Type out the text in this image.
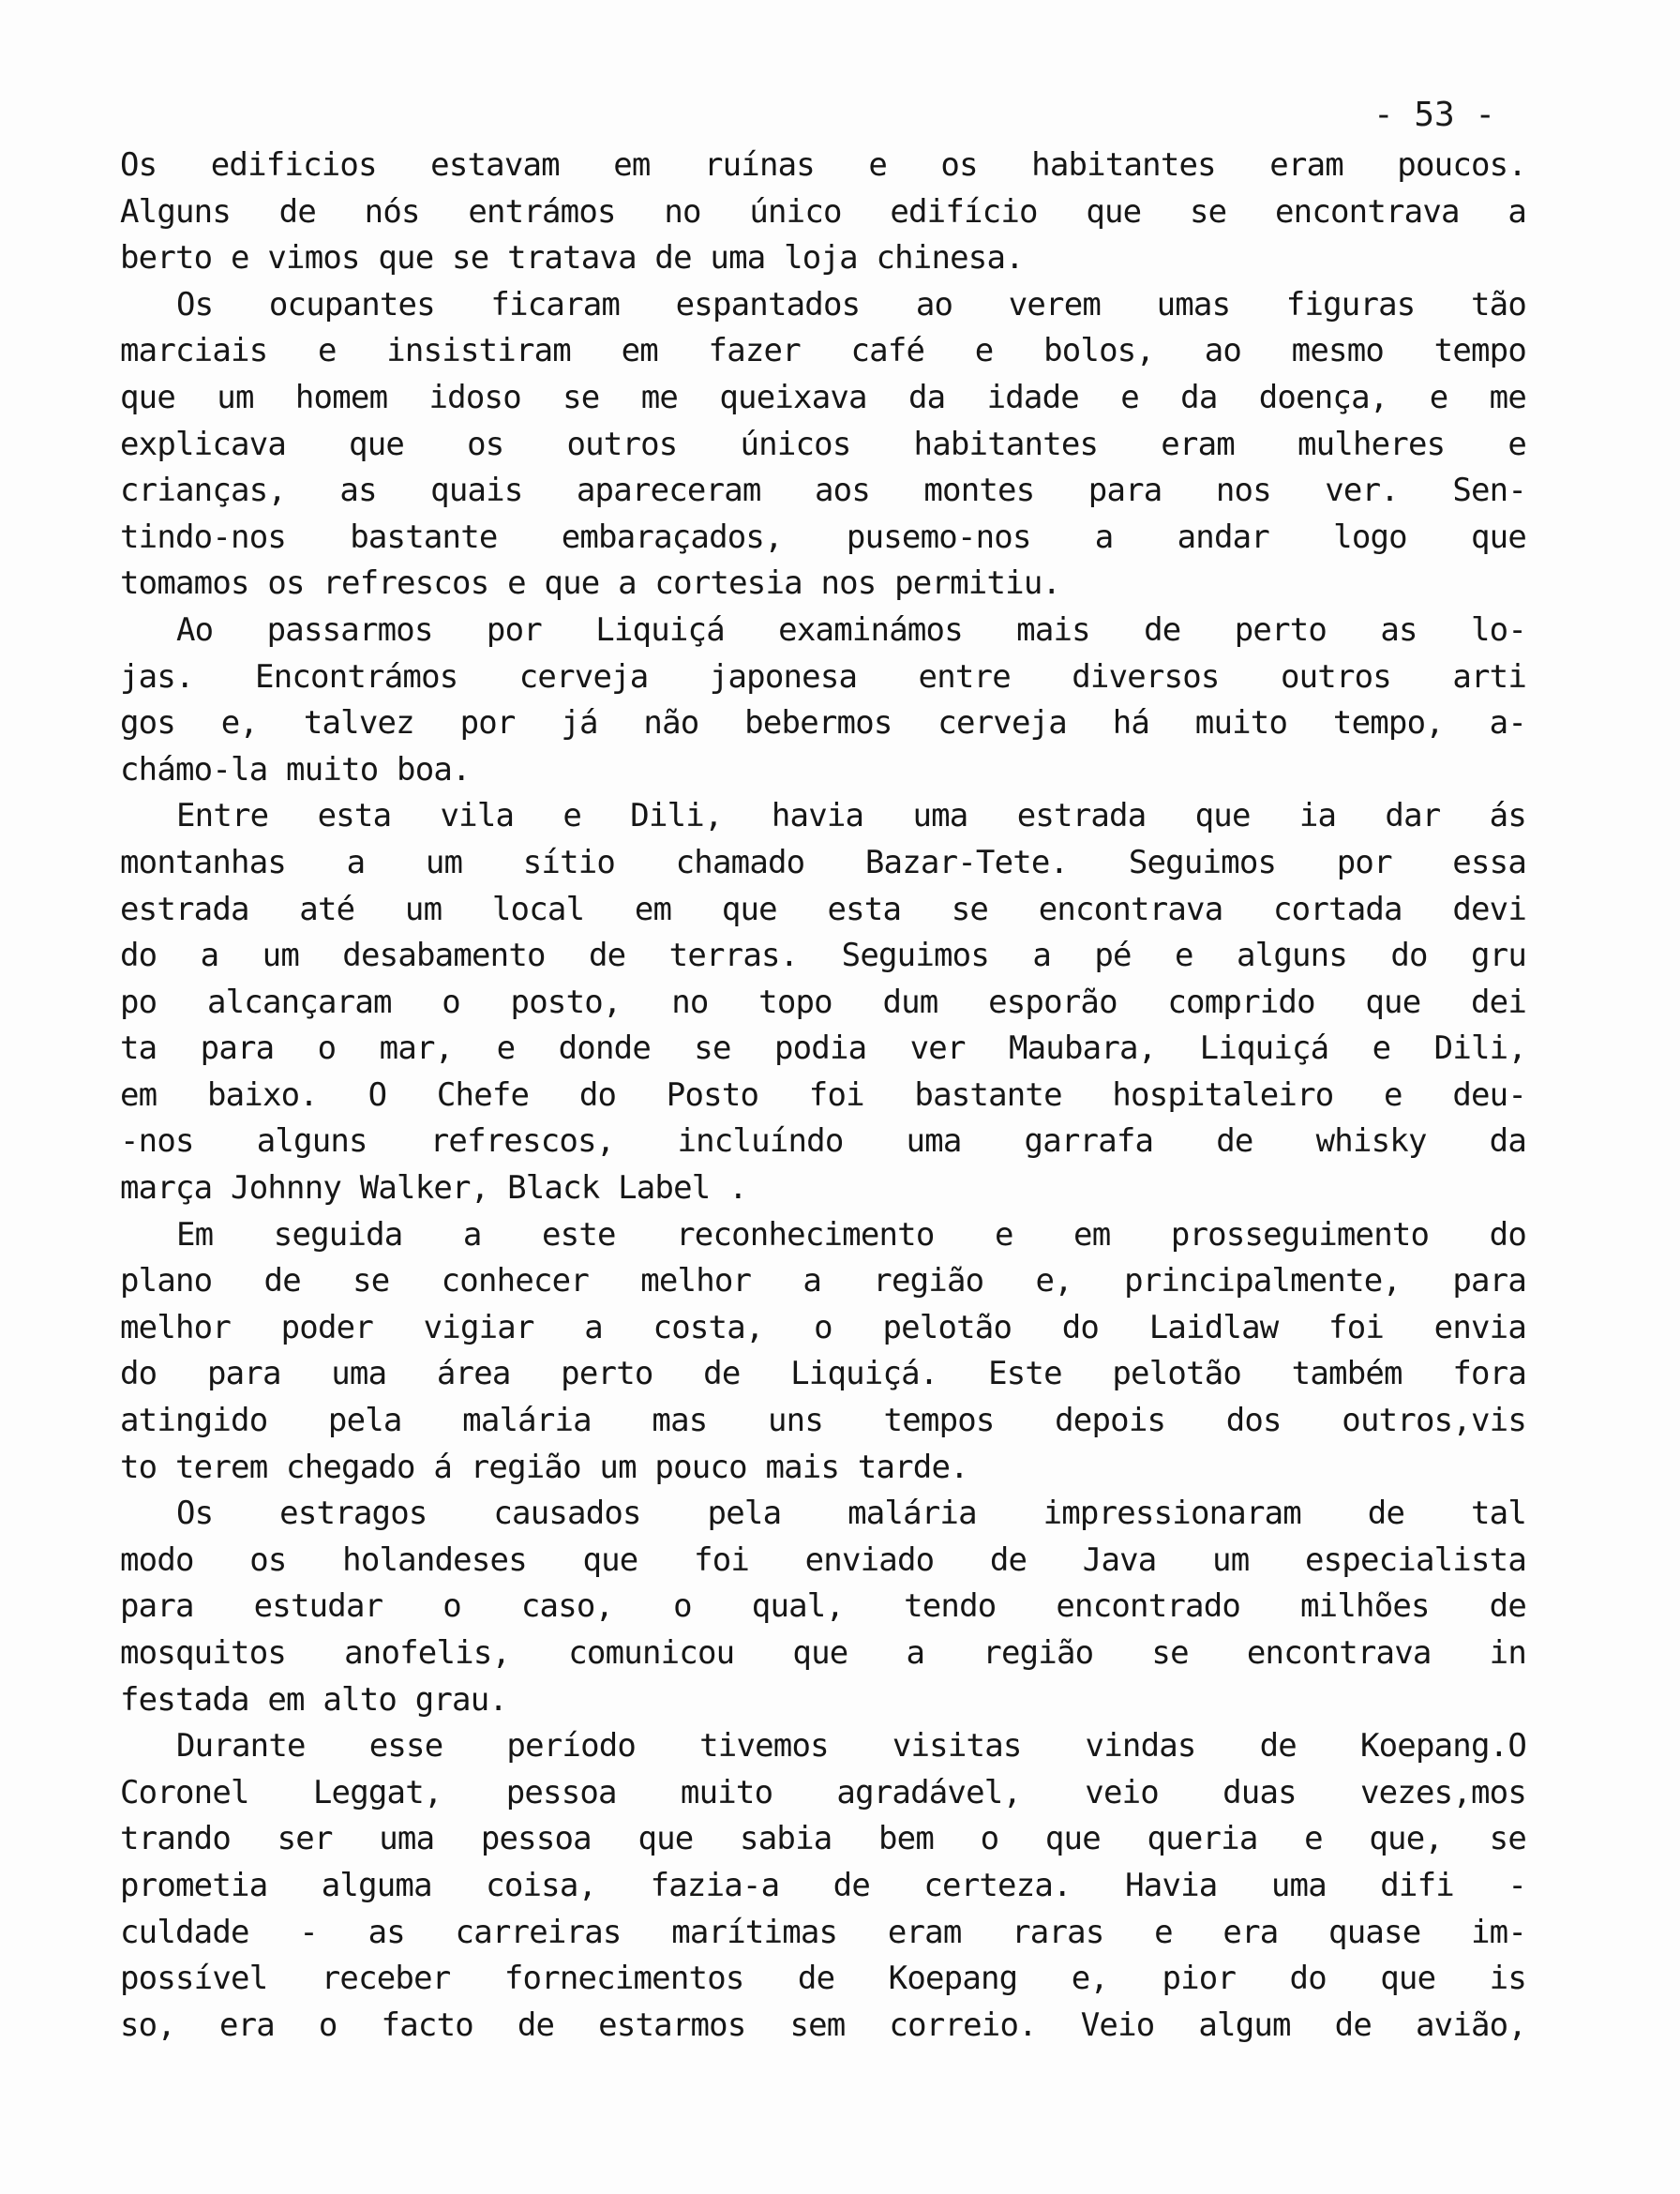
- 53 -
Os edificios estavam em ruínas e os habitantes eram poucos.
Alguns de nós entrámos no único edifício que se encontrava a
berto e vimos que se tratava de uma loja chinesa.
Os ocupantes ficaram espantados ao verem umas figuras tão
marciais e insistiram em fazer café e bolos, ao mesmo tempo
que um homem idoso se me queixava da idade e da doença, e me
explicava que os outros únicos habitantes eram mulheres e
crianças, as quais apareceram aos montes para nos ver. Sen-
tindo-nos bastante embaraçados, pusemo-nos a andar logo que
tomamos os refrescos e que a cortesia nos permitiu.
Ao passarmos por Liquiçá examinámos mais de perto as lo-
jas. Encontrámos cerveja japonesa entre diversos outros arti
gos e, talvez por já não bebermos cerveja há muito tempo, a-
chámo-la muito boa.
Entre esta vila e Dili, havia uma estrada que ia dar ás
montanhas a um sítio chamado Bazar-Tete. Seguimos por essa
estrada até um local em que esta se encontrava cortada devi
do a um desabamento de terras. Seguimos a pé e alguns do gru
po alcançaram o posto, no topo dum esporão comprido que dei
ta para o mar, e donde se podia ver Maubara, Liquiçá e Dili,
em baixo. O Chefe do Posto foi bastante hospitaleiro e deu-
-nos alguns refrescos, incluíndo uma garrafa de whisky da
marça Johnny Walker, Black Label .
Em seguida a este reconhecimento e em prosseguimento do
plano de se conhecer melhor a região e, principalmente, para
melhor poder vigiar a costa, o pelotão do Laidlaw foi envia
do para uma área perto de Liquiçá. Este pelotão também fora
atingido pela malária mas uns tempos depois dos outros,vis
to terem chegado á região um pouco mais tarde.
Os estragos causados pela malária impressionaram de tal
modo os holandeses que foi enviado de Java um especialista
para estudar o caso, o qual, tendo encontrado milhões de
mosquitos anofelis, comunicou que a região se encontrava in
festada em alto grau.
Durante esse período tivemos visitas vindas de Koepang.O
Coronel Leggat, pessoa muito agradável, veio duas vezes,mos
trando ser uma pessoa que sabia bem o que queria e que, se
prometia alguma coisa, fazia-a de certeza. Havia uma difi -
culdade - as carreiras marítimas eram raras e era quase im-
possível receber fornecimentos de Koepang e, pior do que is
so, era o facto de estarmos sem correio. Veio algum de avião,
